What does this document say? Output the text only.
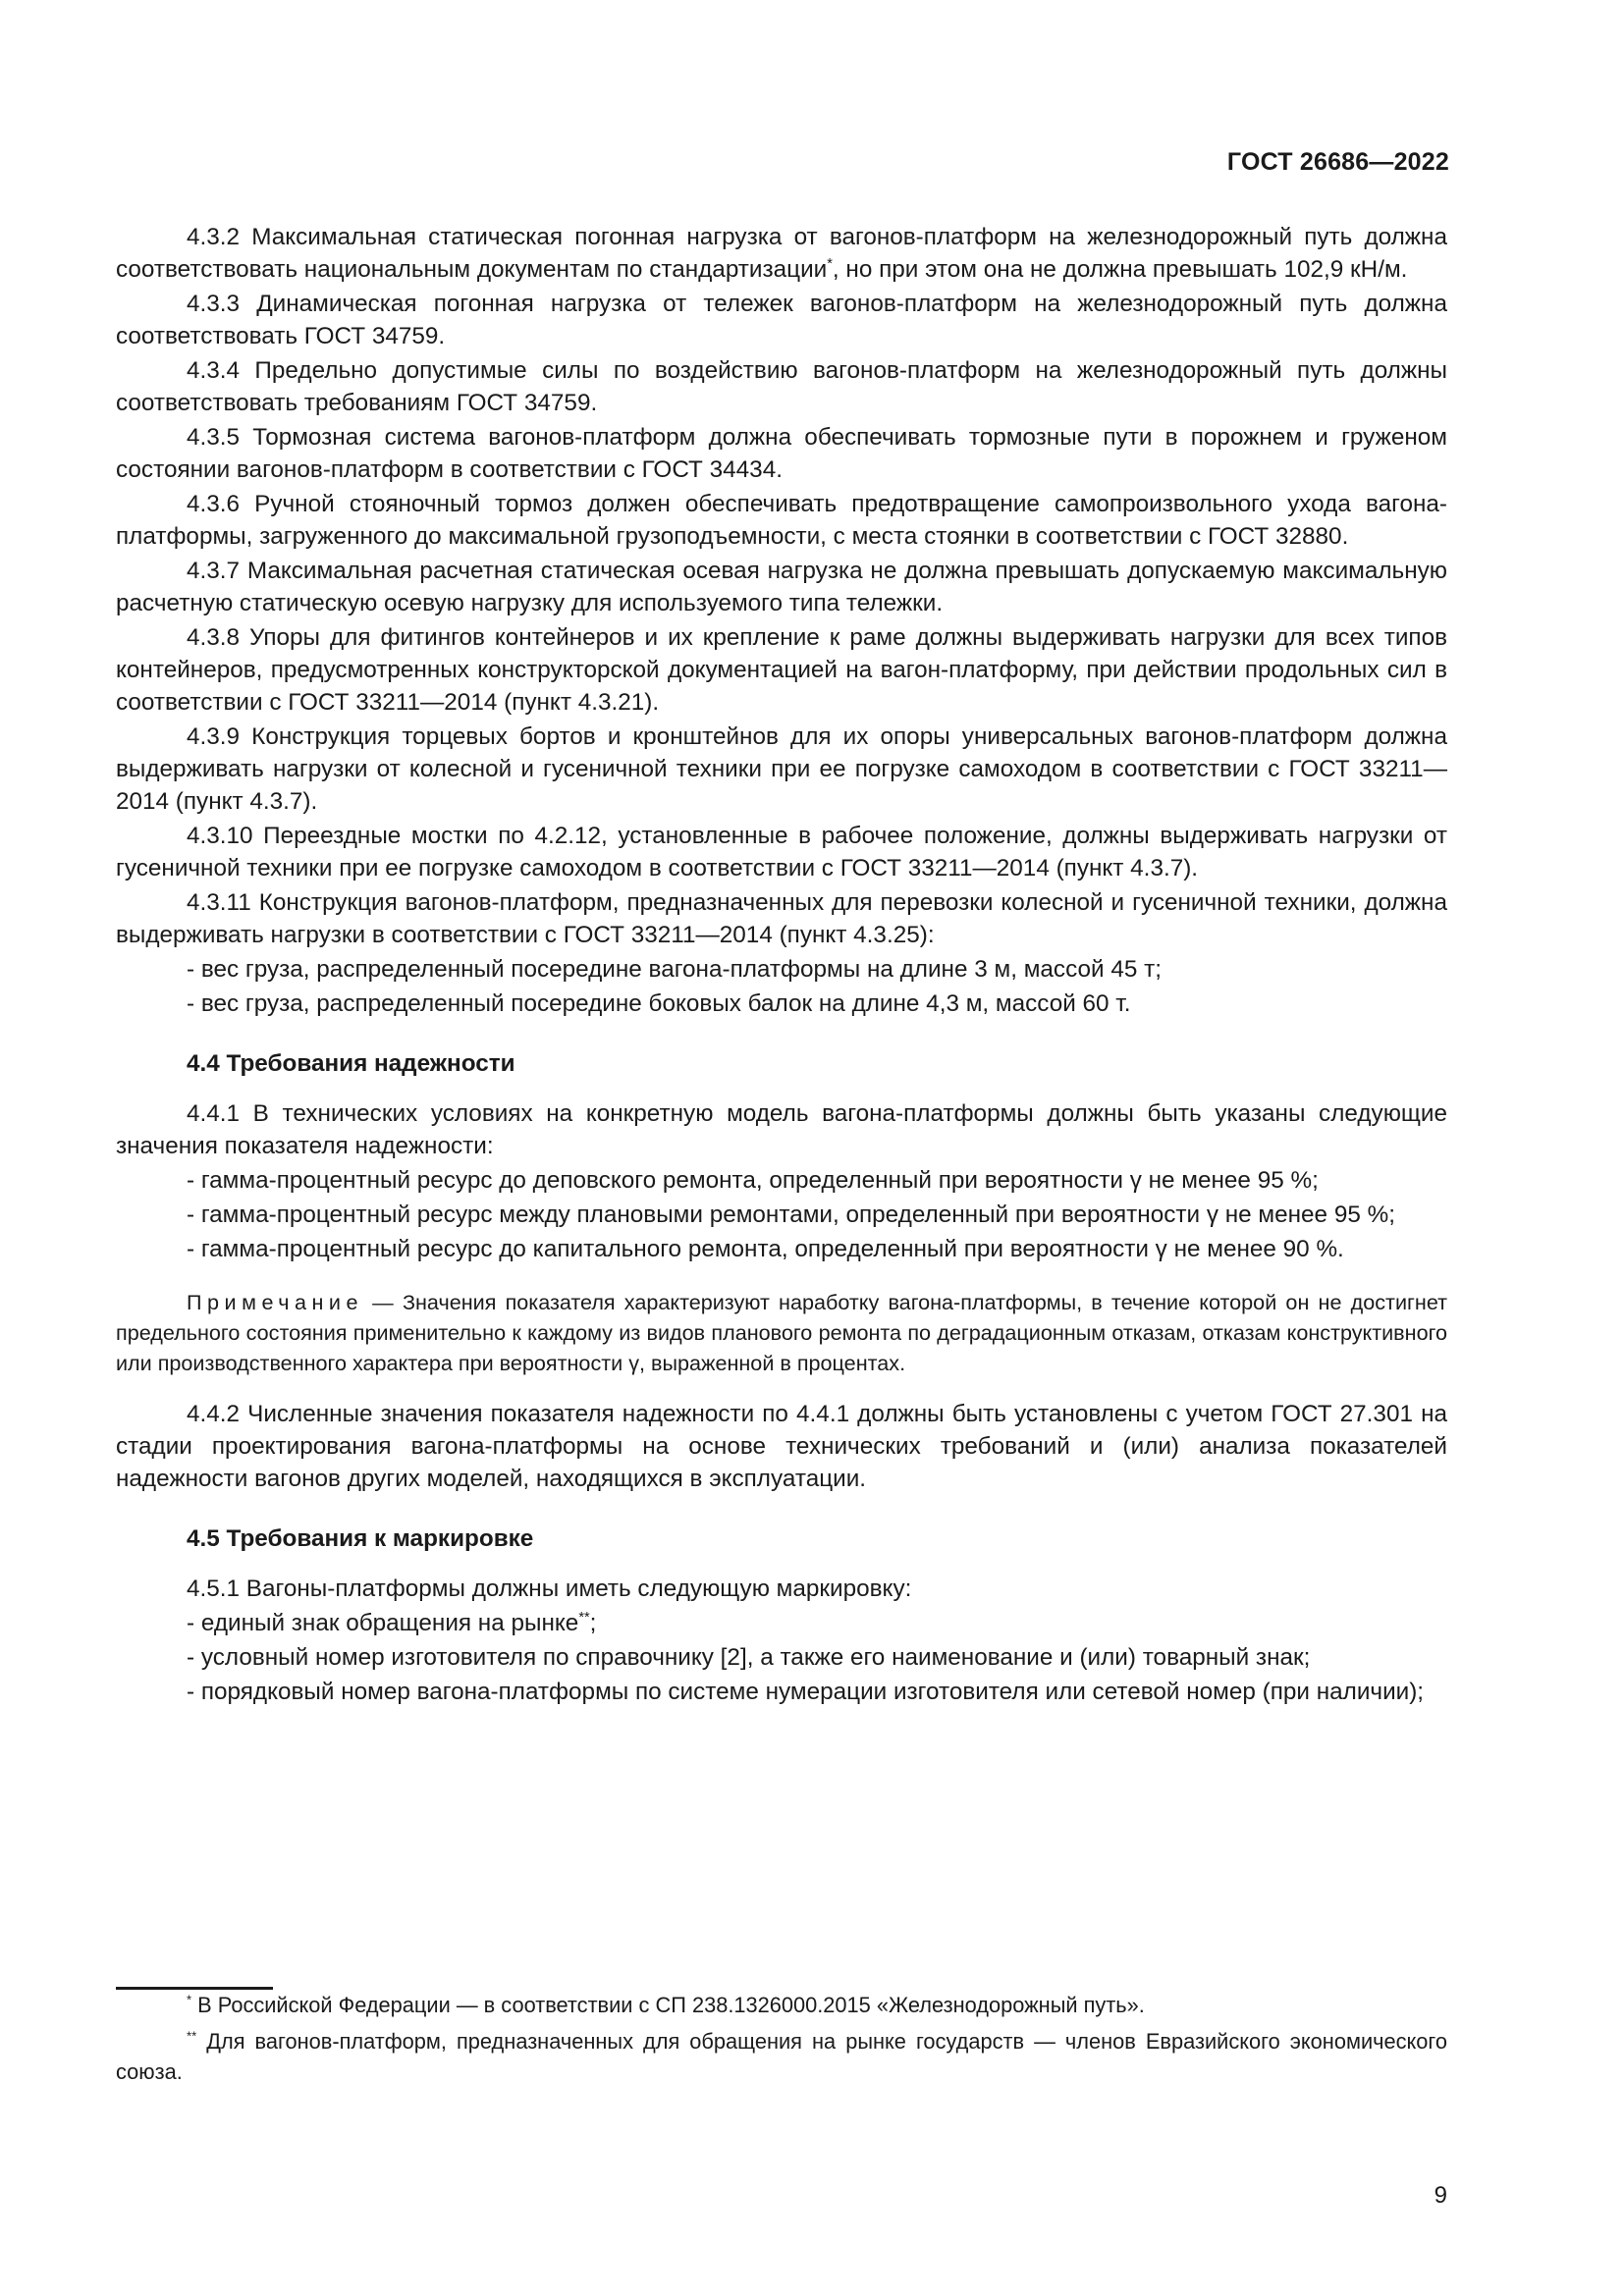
ГОСТ 26686—2022

4.3.2 Максимальная статическая погонная нагрузка от вагонов-платформ на железнодорожный путь должна соответствовать национальным документам по стандартизации*, но при этом она не должна превышать 102,9 кН/м.

4.3.3 Динамическая погонная нагрузка от тележек вагонов-платформ на железнодорожный путь должна соответствовать ГОСТ 34759.

4.3.4 Предельно допустимые силы по воздействию вагонов-платформ на железнодорожный путь должны соответствовать требованиям ГОСТ 34759.

4.3.5 Тормозная система вагонов-платформ должна обеспечивать тормозные пути в порожнем и груженом состоянии вагонов-платформ в соответствии с ГОСТ 34434.

4.3.6 Ручной стояночный тормоз должен обеспечивать предотвращение самопроизвольного ухода вагона-платформы, загруженного до максимальной грузоподъемности, с места стоянки в соответствии с ГОСТ 32880.

4.3.7 Максимальная расчетная статическая осевая нагрузка не должна превышать допускаемую максимальную расчетную статическую осевую нагрузку для используемого типа тележки.

4.3.8 Упоры для фитингов контейнеров и их крепление к раме должны выдерживать нагрузки для всех типов контейнеров, предусмотренных конструкторской документацией на вагон-платформу, при действии продольных сил в соответствии с ГОСТ 33211—2014 (пункт 4.3.21).

4.3.9 Конструкция торцевых бортов и кронштейнов для их опоры универсальных вагонов-платформ должна выдерживать нагрузки от колесной и гусеничной техники при ее погрузке самоходом в соответствии с ГОСТ 33211—2014 (пункт 4.3.7).

4.3.10 Переездные мостки по 4.2.12, установленные в рабочее положение, должны выдерживать нагрузки от гусеничной техники при ее погрузке самоходом в соответствии с ГОСТ 33211—2014 (пункт 4.3.7).

4.3.11 Конструкция вагонов-платформ, предназначенных для перевозки колесной и гусеничной техники, должна выдерживать нагрузки в соответствии с ГОСТ 33211—2014 (пункт 4.3.25):

- вес груза, распределенный посередине вагона-платформы на длине 3 м, массой 45 т;

- вес груза, распределенный посередине боковых балок на длине 4,3 м, массой 60 т.

4.4 Требования надежности

4.4.1 В технических условиях на конкретную модель вагона-платформы должны быть указаны следующие значения показателя надежности:

- гамма-процентный ресурс до деповского ремонта, определенный при вероятности γ не менее 95 %;

- гамма-процентный ресурс между плановыми ремонтами, определенный при вероятности γ не менее 95 %;

- гамма-процентный ресурс до капитального ремонта, определенный при вероятности γ не менее 90 %.

Примечание — Значения показателя характеризуют наработку вагона-платформы, в течение которой он не достигнет предельного состояния применительно к каждому из видов планового ремонта по деградационным отказам, отказам конструктивного или производственного характера при вероятности γ, выраженной в процентах.

4.4.2 Численные значения показателя надежности по 4.4.1 должны быть установлены с учетом ГОСТ 27.301 на стадии проектирования вагона-платформы на основе технических требований и (или) анализа показателей надежности вагонов других моделей, находящихся в эксплуатации.

4.5 Требования к маркировке

4.5.1 Вагоны-платформы должны иметь следующую маркировку:

- единый знак обращения на рынке**;

- условный номер изготовителя по справочнику [2], а также его наименование и (или) товарный знак;

- порядковый номер вагона-платформы по системе нумерации изготовителя или сетевой номер (при наличии);

* В Российской Федерации — в соответствии с СП 238.1326000.2015 «Железнодорожный путь».

** Для вагонов-платформ, предназначенных для обращения на рынке государств — членов Евразийского экономического союза.

9
